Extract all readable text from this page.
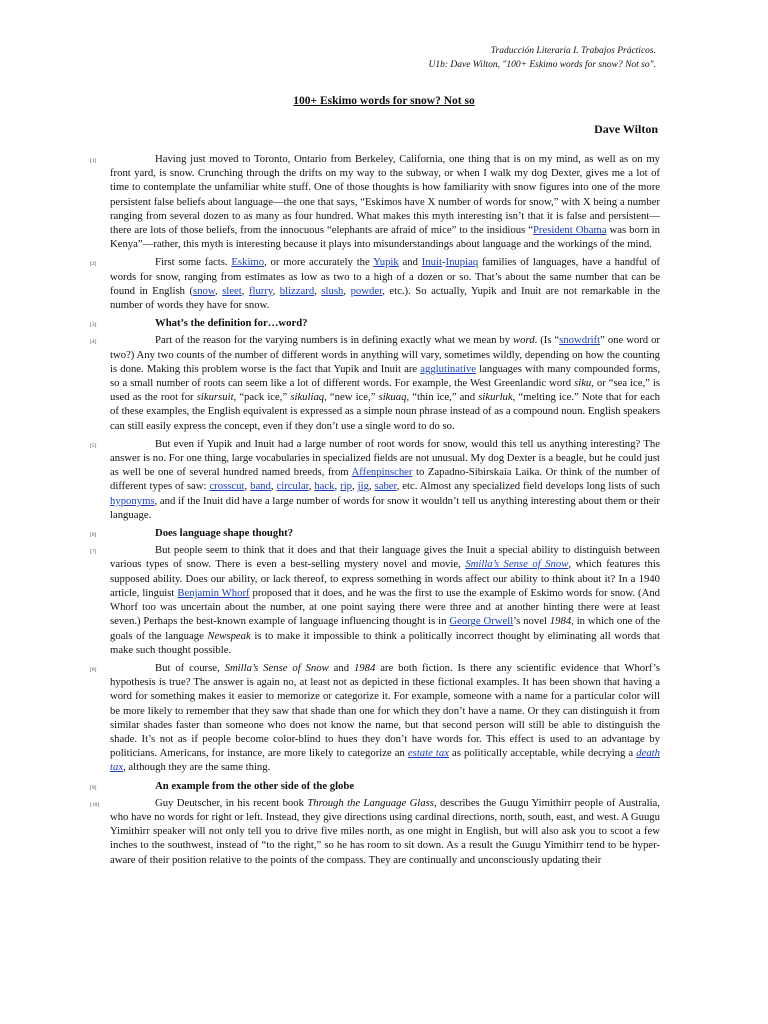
Traducción Literaria I. Trabajos Prácticos.
U1b: Dave Wilton, "100+ Eskimo words for snow? Not so".
100+ Eskimo words for snow? Not so
Dave Wilton
[1]	Having just moved to Toronto, Ontario from Berkeley, California, one thing that is on my mind, as well as on my front yard, is snow. Crunching through the drifts on my way to the subway, or when I walk my dog Dexter, gives me a lot of time to contemplate the unfamiliar white stuff. One of those thoughts is how familiarity with snow figures into one of the more persistent false beliefs about language—the one that says, “Eskimos have X number of words for snow,” with X being a number ranging from several dozen to as many as four hundred. What makes this myth interesting isn’t that it is false and persistent—there are lots of those beliefs, from the innocuous “elephants are afraid of mice” to the insidious “President Obama was born in Kenya”—rather, this myth is interesting because it plays into misunderstandings about language and the workings of the mind.
[2]	First some facts. Eskimo, or more accurately the Yupik and Inuit-Inupiaq families of languages, have a handful of words for snow, ranging from estimates as low as two to a high of a dozen or so. That’s about the same number that can be found in English (snow, sleet, flurry, blizzard, slush, powder, etc.). So actually, Yupik and Inuit are not remarkable in the number of words they have for snow.
[3]	What’s the definition for…word?
[4]	Part of the reason for the varying numbers is in defining exactly what we mean by word. (Is “snowdrift” one word or two?) Any two counts of the number of different words in anything will vary, sometimes wildly, depending on how the counting is done. Making this problem worse is the fact that Yupik and Inuit are agglutinative languages with many compounded forms, so a small number of roots can seem like a lot of different words. For example, the West Greenlandic word siku, or “sea ice,” is used as the root for sikursuit, “pack ice,” sikuliaq, “new ice,” sikuaq, “thin ice,” and sikurluk, “melting ice.” Note that for each of these examples, the English equivalent is expressed as a simple noun phrase instead of as a compound noun. English speakers can still easily express the concept, even if they don’t use a single word to do so.
[5]	But even if Yupik and Inuit had a large number of root words for snow, would this tell us anything interesting? The answer is no. For one thing, large vocabularies in specialized fields are not unusual. My dog Dexter is a beagle, but he could just as well be one of several hundred named breeds, from Affenpinscher to Zapadno-Sibirskaia Laika. Or think of the number of different types of saw: crosscut, band, circular, hack, rip, jig, saber, etc. Almost any specialized field develops long lists of such hyponyms, and if the Inuit did have a large number of words for snow it wouldn’t tell us anything interesting about them or their language.
[6]	Does language shape thought?
[7]	But people seem to think that it does and that their language gives the Inuit a special ability to distinguish between various types of snow. There is even a best-selling mystery novel and movie, Smilla’s Sense of Snow, which features this supposed ability. Does our ability, or lack thereof, to express something in words affect our ability to think about it? In a 1940 article, linguist Benjamin Whorf proposed that it does, and he was the first to use the example of Eskimo words for snow. (And Whorf too was uncertain about the number, at one point saying there were three and at another hinting there were at least seven.) Perhaps the best-known example of language influencing thought is in George Orwell’s novel 1984, in which one of the goals of the language Newspeak is to make it impossible to think a politically incorrect thought by eliminating all words that make such thought possible.
[8]	But of course, Smilla’s Sense of Snow and 1984 are both fiction. Is there any scientific evidence that Whorf’s hypothesis is true? The answer is again no, at least not as depicted in these fictional examples. It has been shown that having a word for something makes it easier to memorize or categorize it. For example, someone with a name for a particular color will be more likely to remember that they saw that shade than one for which they don’t have a name. Or they can distinguish it from similar shades faster than someone who does not know the name, but that second person will still be able to distinguish the shade. It’s not as if people become color-blind to hues they don’t have words for. This effect is used to an advantage by politicians. Americans, for instance, are more likely to categorize an estate tax as politically acceptable, while decrying a death tax, although they are the same thing.
[9]	An example from the other side of the globe
[10]	Guy Deutscher, in his recent book Through the Language Glass, describes the Guugu Yimithirr people of Australia, who have no words for right or left. Instead, they give directions using cardinal directions, north, south, east, and west. A Guugu Yimithirr speaker will not only tell you to drive five miles north, as one might in English, but will also ask you to scoot a few inches to the southwest, instead of “to the right,” so he has room to sit down. As a result the Guugu Yimithirr tend to be hyper-aware of their position relative to the points of the compass. They are continually and unconsciously updating their
